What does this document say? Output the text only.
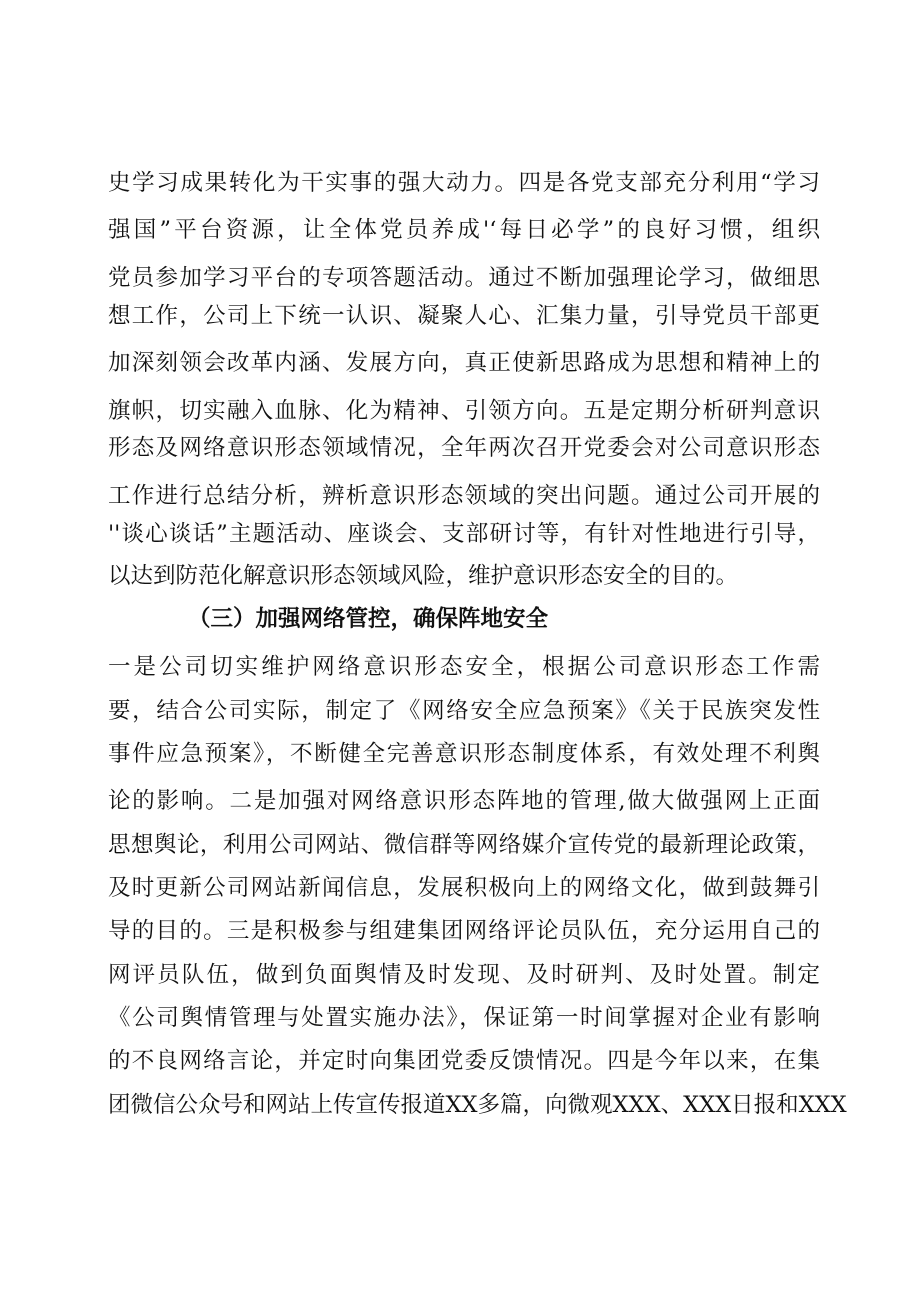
史学习成果转化为干实事的强大动力。四是各党支部充分利用“学习
强国”平台资源，让全体党员养成'‘每日必学”的良好习惯，组织
党员参加学习平台的专项答题活动。通过不断加强理论学习，做细思
想工作，公司上下统一认识、凝聚人心、汇集力量，引导党员干部更
加深刻领会改革内涵、发展方向，真正使新思路成为思想和精神上的
旗帜，切实融入血脉、化为精神、引领方向。五是定期分析研判意识
形态及网络意识形态领域情况，全年两次召开党委会对公司意识形态
工作进行总结分析，辨析意识形态领域的突出问题。通过公司开展的
''谈心谈话”主题活动、座谈会、支部研讨等，有针对性地进行引导，
以达到防范化解意识形态领域风险，维护意识形态安全的目的。
（三）加强网络管控，确保阵地安全
一是公司切实维护网络意识形态安全，根据公司意识形态工作需
要，结合公司实际，制定了《网络安全应急预案》《关于民族突发性
事件应急预案》，不断健全完善意识形态制度体系，有效处理不利舆
论的影响。二是加强对网络意识形态阵地的管理,做大做强网上正面
思想舆论，利用公司网站、微信群等网络媒介宣传党的最新理论政策，
及时更新公司网站新闻信息，发展积极向上的网络文化，做到鼓舞引
导的目的。三是积极参与组建集团网络评论员队伍，充分运用自己的
网评员队伍，做到负面舆情及时发现、及时研判、及时处置。制定
《公司舆情管理与处置实施办法》，保证第一时间掌握对企业有影响
的不良网络言论，并定时向集团党委反馈情况。四是今年以来，在集
团微信公众号和网站上传宣传报道XX多篇，向微观XXX、XXX日报和XXX
